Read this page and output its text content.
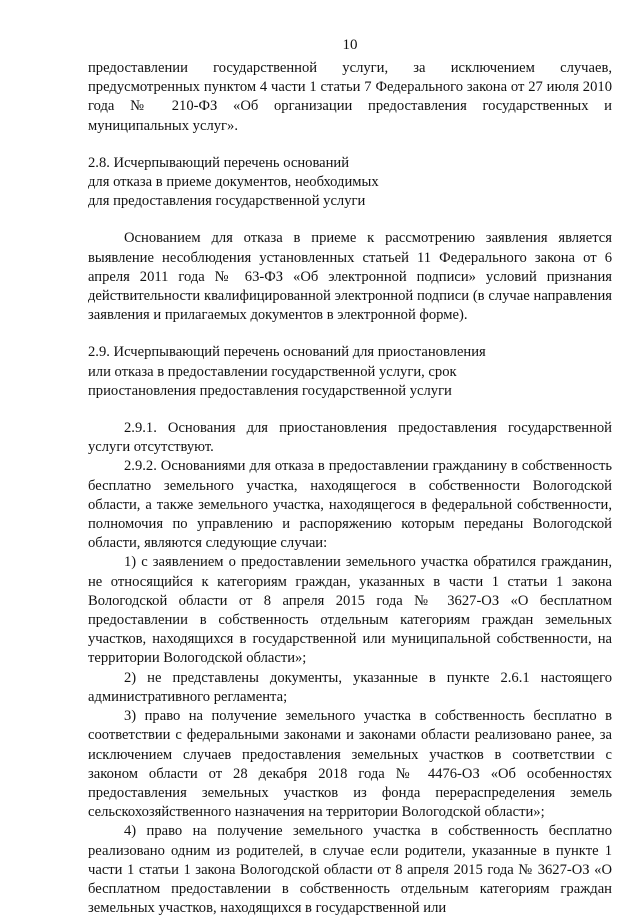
10

предоставлении государственной услуги, за исключением случаев, предусмотренных пунктом 4 части 1 статьи 7 Федерального закона от 27 июля 2010 года № 210-ФЗ «Об организации предоставления государственных и муниципальных услуг».

2.8. Исчерпывающий перечень оснований
для отказа в приеме документов, необходимых
для предоставления государственной услуги

Основанием для отказа в приеме к рассмотрению заявления является выявление несоблюдения установленных статьей 11 Федерального закона от 6 апреля 2011 года № 63-ФЗ «Об электронной подписи» условий признания действительности квалифицированной электронной подписи (в случае направления заявления и прилагаемых документов в электронной форме).

2.9. Исчерпывающий перечень оснований для приостановления
или отказа в предоставлении государственной услуги, срок
приостановления предоставления государственной услуги

2.9.1. Основания для приостановления предоставления государственной услуги отсутствуют.

2.9.2. Основаниями для отказа в предоставлении гражданину в собственность бесплатно земельного участка, находящегося в собственности Вологодской области, а также земельного участка, находящегося в федеральной собственности, полномочия по управлению и распоряжению которым переданы Вологодской области, являются следующие случаи:

1) с заявлением о предоставлении земельного участка обратился гражданин, не относящийся к категориям граждан, указанных в части 1 статьи 1 закона Вологодской области от 8 апреля 2015 года № 3627-ОЗ «О бесплатном предоставлении в собственность отдельным категориям граждан земельных участков, находящихся в государственной или муниципальной собственности, на территории Вологодской области»;

2) не представлены документы, указанные в пункте 2.6.1 настоящего административного регламента;

3) право на получение земельного участка в собственность бесплатно в соответствии с федеральными законами и законами области реализовано ранее, за исключением случаев предоставления земельных участков в соответствии с законом области от 28 декабря 2018 года № 4476-ОЗ «Об особенностях предоставления земельных участков из фонда перераспределения земель сельскохозяйственного назначения на территории Вологодской области»;

4) право на получение земельного участка в собственность бесплатно реализовано одним из родителей, в случае если родители, указанные в пункте 1 части 1 статьи 1 закона Вологодской области от 8 апреля 2015 года № 3627-ОЗ «О бесплатном предоставлении в собственность отдельным категориям граждан земельных участков, находящихся в государственной или
